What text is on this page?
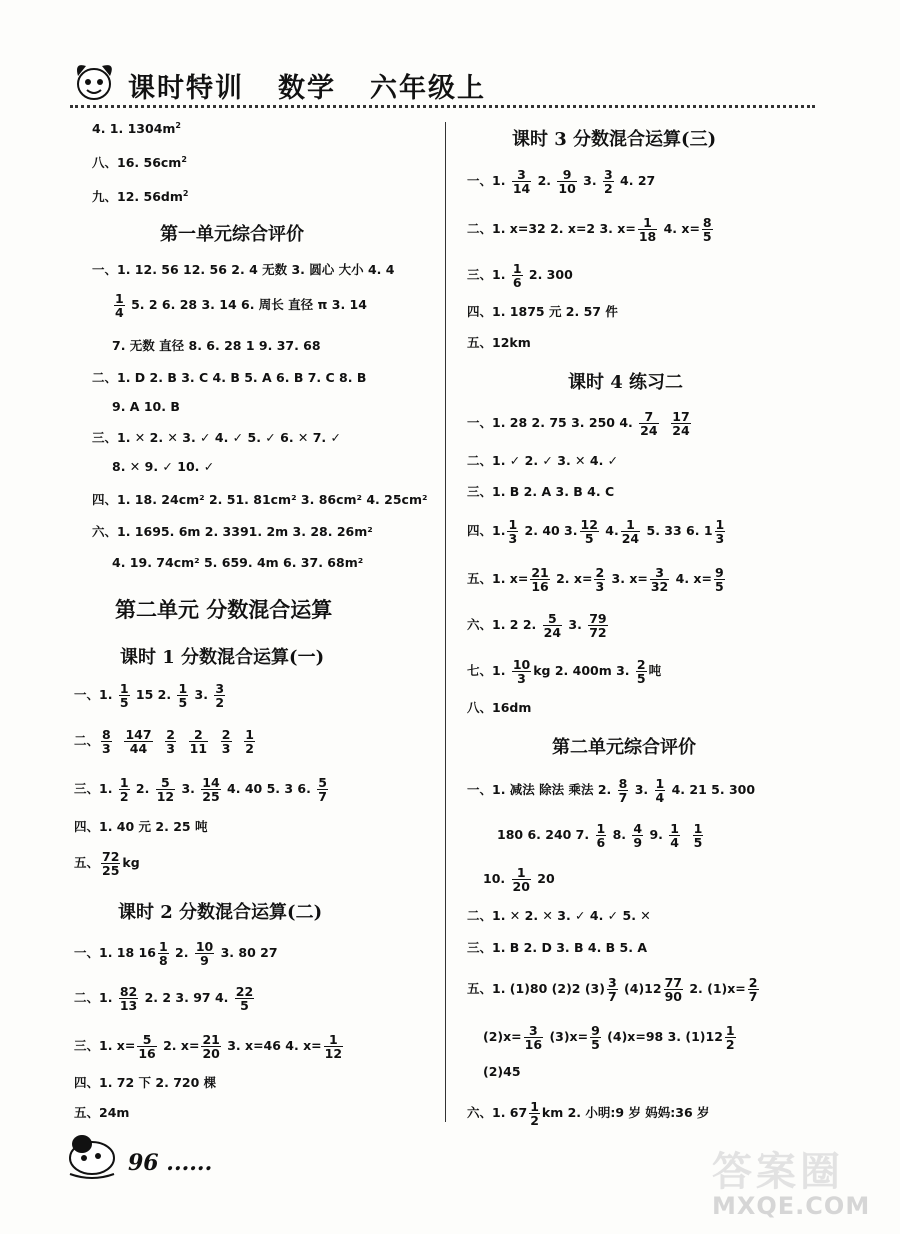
课时特训 数学 六年级上
4. 1. $1304m^2$
八、16. $56cm^2$
九、12. $56dm^2$
第一单元综合评价
一、1. 12. 56 12. 56 2. 4 无数 3. 圆心 大小 4. 4
$\frac{1}{4} 5$. 2 6. 28 3. 14 6. 周长 直径 π 3. 14
7. 无数 直径 8. 6. 28 1 9. 37. 68
二、1. D 2. B 3. C 4. B 5. A 6. B 7. C 8. B
9. A 10. B
三、1. ✕ 2. ✕ 3. ✓ 4. ✓ 5. ✓ 6. ✕ 7. ✓
8. ✕ 9. ✓ 10. ✓
四、1. 18. 24cm² 2. 51. 81cm² 3. 86cm² 4. 25cm²
六、1. 1695. 6m 2. 3391. 2m 3. 28. 26m²
4. 19. 74cm² 5. 659. 4m 6. 37. 68m²
第二单元 分数混合运算
课时 1 分数混合运算(一)
一、1. $\frac{1}{5} 15$ 2. $\frac{1}{5} 3$. $\frac{3}{2}$
二、 $\frac{8}{3}$
$\frac{147}{44}$
$\frac{2}{3}$
$\frac{2}{11}$
$\frac{2}{3}$
$\frac{1}{2}$
三、1. $\frac{1}{2} 2$. $\frac{5}{12} 3$. $\frac{14}{25} 4$. 40 5. 3 6. $\frac{5}{7}$
四、1. 40 元 2. 25 吨
五、 $\frac{72}{25}$ kg
课时 2 分数混合运算(二)
一、1. 18 $16 \frac{1}{8} 2$. $\frac{10}{9} 3$. 80 27
二、1. $\frac{82}{13} 2$. 2 3. 97 4. $\frac{22}{5}$
三、1. $x= \frac{5}{16} 2$. $x= \frac{21}{20} 3$. x=46 4. $x= \frac{1}{12}$
四、1. 72 下 2. 720 棵
五、24m
课时 3 分数混合运算(三)
一、1. $\frac{3}{14} 2$. $\frac{9}{10} 3$. $\frac{3}{2} 4$. 27
二、1. x=32 2. x=2 3. $x= \frac{1}{18} 4$. $x= \frac{8}{5}$
三、1. $\frac{1}{6} 2$. 300
四、1. 1875 元 2. 57 件
五、12km
课时 4 练习二
一、1. 28 2. 75 3. 250 4. $\frac{7}{24}$
$\frac{17}{24}$
二、1. ✓ 2. ✓ 3. ✕ 4. ✓
三、1. B 2. A 3. B 4. C
四、1. $\frac{1}{3} 2$. 40 3. $\frac{12}{5} 4$. $\frac{1}{24} 5$. 33 6. $1 \frac{1}{3}$
五、1. $x= \frac{21}{16} 2$. $x= \frac{2}{3} 3$. $x= \frac{3}{32} 4$. $x= \frac{9}{5}$
六、1. 2 2. $\frac{5}{24} 3$. $\frac{79}{72}$
七、1. $\frac{10}{3}$ kg 2. 400m 3. $\frac{2}{5}$ 吨
八、16dm
第二单元综合评价
一、1. 减法 除法 乘法 2. $\frac{8}{7} 3$. $\frac{1}{4} 4$. 21 5. 300
180 6. 240 7. $\frac{1}{6} 8$. $\frac{4}{9} 9$. $\frac{1}{4}$
$\frac{1}{5}$
10. $\frac{1}{20} 20$
二、1. ✕ 2. ✕ 3. ✓ 4. ✓ 5. ✕
三、1. B 2. D 3. B 4. B 5. A
五、1. (1)80 (2)2 $(3) \frac{3}{7} (4)12 \frac{77}{90} 2$. $(1)x= \frac{2}{7}$
$(2)x= \frac{3}{16} (3)x= \frac{9}{5} (4)x=98$ 3. $(1)12 \frac{1}{2}$
(2)45
六、1. $67 \frac{1}{2}$ km 2. 小明:9 岁 妈妈:36 岁
96 ......	答案圈
MXQE.COM
